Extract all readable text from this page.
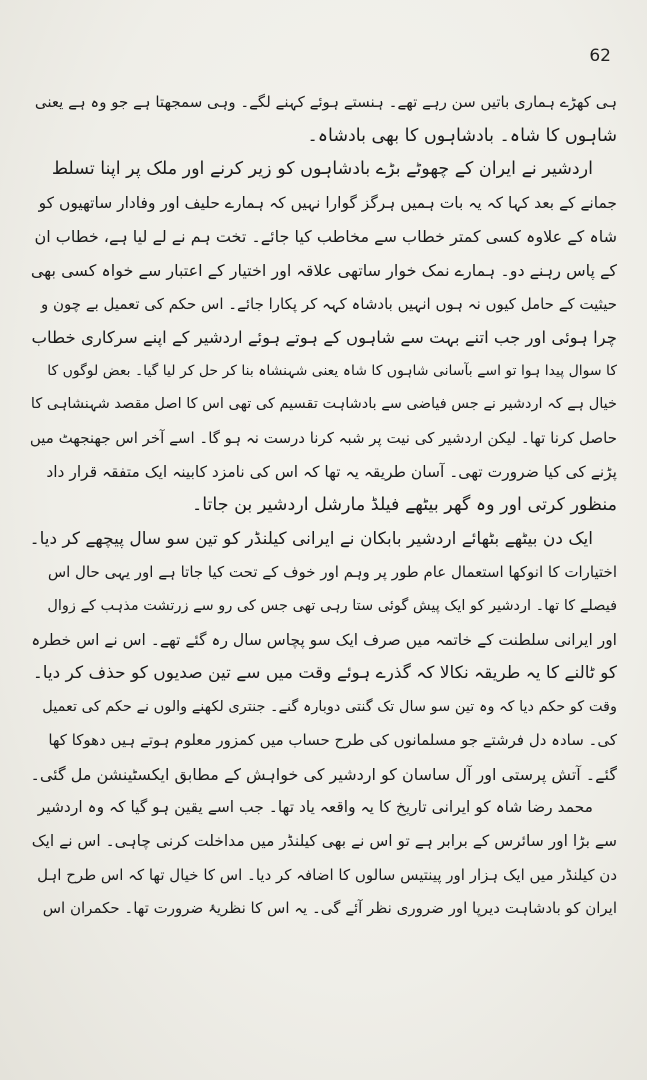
62
ہی کھڑے ہماری باتیں سن رہے تھے۔ ہنستے ہوئے کہنے لگے۔ وہی سمجھتا ہے جو وہ ہے یعنی
شاہوں کا شاہ۔ بادشاہوں کا بھی بادشاہ۔
اردشیر نے ایران کے چھوٹے بڑے بادشاہوں کو زیر کرنے اور ملک پر اپنا تسلط
جمانے کے بعد کہا کہ یہ بات ہمیں ہرگز گوارا نہیں کہ ہمارے حلیف اور وفادار ساتھیوں کو
شاہ کے علاوہ کسی کمتر خطاب سے مخاطب کیا جائے۔ تخت ہم نے لے لیا ہے، خطاب ان
کے پاس رہنے دو۔ ہمارے نمک خوار ساتھی علاقہ اور اختیار کے اعتبار سے خواہ کسی بھی
حیثیت کے حامل کیوں نہ ہوں انہیں بادشاہ کہہ کر پکارا جائے۔ اس حکم کی تعمیل بے چون و
چرا ہوئی اور جب اتنے بہت سے شاہوں کے ہوتے ہوئے اردشیر کے اپنے سرکاری خطاب
کا سوال پیدا ہوا تو اسے بآسانی شاہوں کا شاہ یعنی شہنشاہ بنا کر حل کر لیا گیا۔ بعض لوگوں کا
خیال ہے کہ اردشیر نے جس فیاضی سے بادشاہت تقسیم کی تھی اس کا اصل مقصد شہنشاہی کا
حاصل کرنا تھا۔ لیکن اردشیر کی نیت پر شبہ کرنا درست نہ ہو گا۔ اسے آخر اس جھنجھٹ میں
پڑنے کی کیا ضرورت تھی۔ آسان طریقہ یہ تھا کہ اس کی نامزد کابینہ ایک متفقہ قرار داد
منظور کرتی اور وہ گھر بیٹھے فیلڈ مارشل اردشیر بن جاتا۔
ایک دن بیٹھے بٹھائے اردشیر بابکان نے ایرانی کیلنڈر کو تین سو سال پیچھے کر دیا۔
اختیارات کا انوکھا استعمال عام طور پر وہم اور خوف کے تحت کیا جاتا ہے اور یہی حال اس
فیصلے کا تھا۔ اردشیر کو ایک پیش گوئی ستا رہی تھی جس کی رو سے زرتشت مذہب کے زوال
اور ایرانی سلطنت کے خاتمہ میں صرف ایک سو پچاس سال رہ گئے تھے۔ اس نے اس خطرہ
کو ٹالنے کا یہ طریقہ نکالا کہ گذرے ہوئے وقت میں سے تین صدیوں کو حذف کر دیا۔
وقت کو حکم دیا کہ وہ تین سو سال تک گنتی دوبارہ گنے۔ جنتری لکھنے والوں نے حکم کی تعمیل
کی۔ سادہ دل فرشتے جو مسلمانوں کی طرح حساب میں کمزور معلوم ہوتے ہیں دھوکا کھا
گئے۔ آتش پرستی اور آل ساسان کو اردشیر کی خواہش کے مطابق ایکسٹینشن مل گئی۔
محمد رضا شاہ کو ایرانی تاریخ کا یہ واقعہ یاد تھا۔ جب اسے یقین ہو گیا کہ وہ اردشیر
سے بڑا اور سائرس کے برابر ہے تو اس نے بھی کیلنڈر میں مداخلت کرنی چاہی۔ اس نے ایک
دن کیلنڈر میں ایک ہزار اور پینتیس سالوں کا اضافہ کر دیا۔ اس کا خیال تھا کہ اس طرح اہل
ایران کو بادشاہت دیرپا اور ضروری نظر آئے گی۔ یہ اس کا نظریۂ ضرورت تھا۔ حکمران اس
